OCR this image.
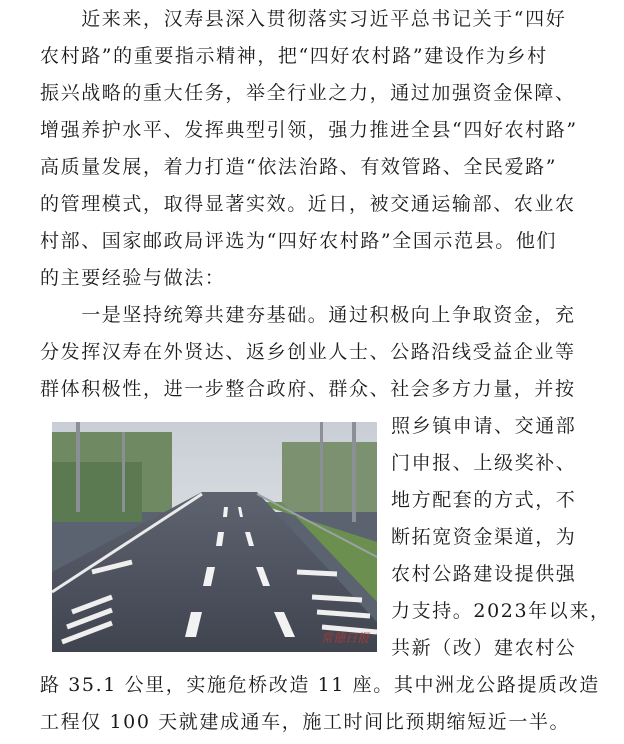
　　近来来，汉寿县深入贯彻落实习近平总书记关于“四好
农村路”的重要指示精神，把“四好农村路”建设作为乡村
振兴战略的重大任务，举全行业之力，通过加强资金保障、
增强养护水平、发挥典型引领，强力推进全县“四好农村路”
高质量发展，着力打造“依法治路、有效管路、全民爱路”
的管理模式，取得显著实效。近日，被交通运输部、农业农
村部、国家邮政局评选为“四好农村路”全国示范县。他们
的主要经验与做法：
　　一是坚持统筹共建夯基础。通过积极向上争取资金，充
分发挥汉寿在外贤达、返乡创业人士、公路沿线受益企业等
群体积极性，进一步整合政府、群众、社会多方力量，并按
常德日报
照乡镇申请、交通部
门申报、上级奖补、
地方配套的方式，不
断拓宽资金渠道，为
农村公路建设提供强
力支持。2023年以来，
共新（改）建农村公
路 35.1 公里，实施危桥改造 11 座。其中洲龙公路提质改造
工程仅 100 天就建成通车，施工时间比预期缩短近一半。
